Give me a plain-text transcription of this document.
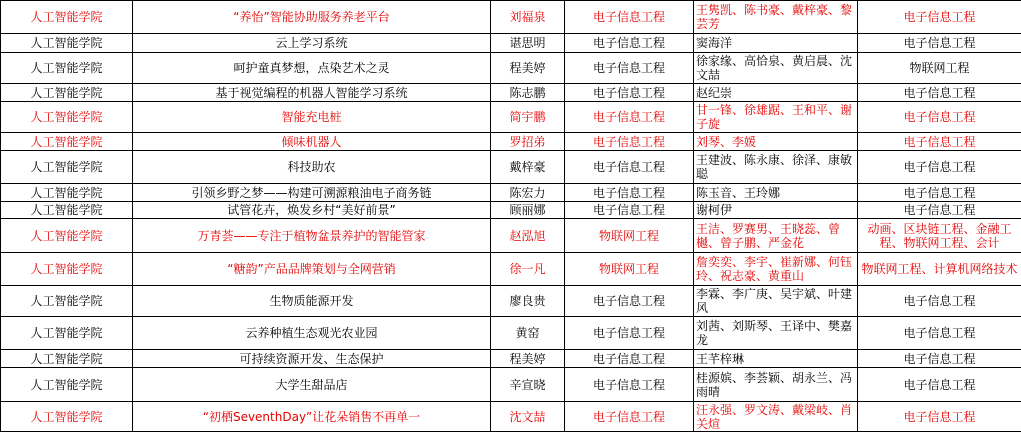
人工智能学院	“养怡”智能协助服务养老平台	刘福泉	电子信息工程	王隽凯、陈书豪、戴梓豪、黎芸芳	电子信息工程
人工智能学院	云上学习系统	谌思明	电子信息工程	窦海洋	电子信息工程
人工智能学院	呵护童真梦想，点染艺术之灵	程美婷	电子信息工程	徐家缘、高恰泉、黄启晨、沈文喆	物联网工程
人工智能学院	基于视觉编程的机器人智能学习系统	陈志鹏	电子信息工程	赵纪崇	电子信息工程
人工智能学院	智能充电桩	简宇鹏	电子信息工程	甘一锋、徐雄踞、王和平、谢子旋	电子信息工程
人工智能学院	倾味机器人	罗招弟	电子信息工程	刘琴、李媛	电子信息工程
人工智能学院	科技助农	戴梓豪	电子信息工程	王建波、陈永康、徐泽、康敏聪	电子信息工程
人工智能学院	引领乡野之梦——构建可溯源粮油电子商务链	陈宏力	电子信息工程	陈玉音、王玲娜	电子信息工程
人工智能学院	试管花卉，焕发乡村“美好前景”	顾丽娜	电子信息工程	谢柯伊	电子信息工程
人工智能学院	万青荟——专注于植物盆景养护的智能管家	赵泓旭	物联网工程	王洁、罗赛男、王晓蕊、曾樾、曾子鹏、严金花	动画、区块链工程、金融工程、物联网工程、会计
人工智能学院	“糖韵”产品品牌策划与全网营销	徐一凡	物联网工程	詹奕奕、李宇、崔新娜、何钰玲、祝志豪、黄重山	物联网工程、计算机网络技术
人工智能学院	生物质能源开发	廖良贵	电子信息工程	李霖、李广庚、吴宇斌、叶建风	电子信息工程
人工智能学院	云养种植生态观光农业园	黄窑	电子信息工程	刘茜、刘斯琴、王译中、樊嘉龙	电子信息工程
人工智能学院	可持续资源开发、生态保护	程美婷	电子信息工程	王芊梓琳	电子信息工程
人工智能学院	大学生甜品店	辛宣晓	电子信息工程	桂源嫔、李荟颖、胡永兰、冯雨晴	电子信息工程
人工智能学院	“初栖SeventhDay”让花朵销售不再单一	沈文喆	电子信息工程	汪永强、罗文涛、戴梁岐、肖关煊	电子信息工程
